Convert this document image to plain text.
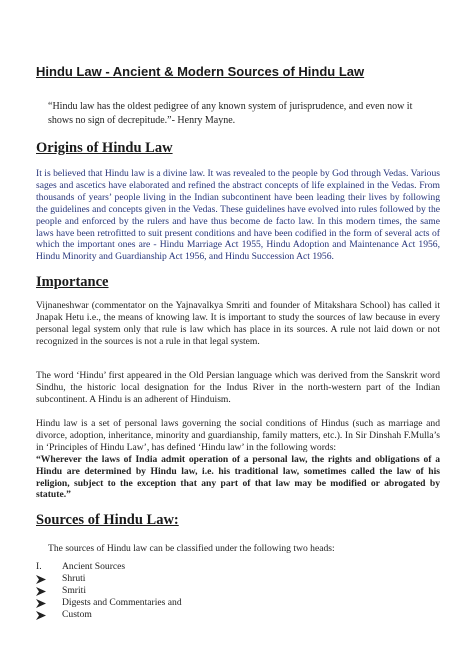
Hindu Law - Ancient & Modern Sources of Hindu Law
“Hindu law has the oldest pedigree of any known system of jurisprudence, and even now it shows no sign of decrepitude.”- Henry Mayne.
Origins of Hindu Law
It is believed that Hindu law is a divine law. It was revealed to the people by God through Vedas. Various sages and ascetics have elaborated and refined the abstract concepts of life explained in the Vedas. From thousands of years’ people living in the Indian subcontinent have been leading their lives by following the guidelines and concepts given in the Vedas. These guidelines have evolved into rules followed by the people and enforced by the rulers and have thus become de facto law. In this modern times, the same laws have been retrofitted to suit present conditions and have been codified in the form of several acts of which the important ones are - Hindu Marriage Act 1955, Hindu Adoption and Maintenance Act 1956, Hindu Minority and Guardianship Act 1956, and Hindu Succession Act 1956.
Importance
Vijnaneshwar (commentator on the Yajnavalkya Smriti and founder of Mitakshara School) has called it Jnapak Hetu i.e., the means of knowing law. It is important to study the sources of law because in every personal legal system only that rule is law which has place in its sources. A rule not laid down or not recognized in the sources is not a rule in that legal system.
The word ‘Hindu’ first appeared in the Old Persian language which was derived from the Sanskrit word Sindhu, the historic local designation for the Indus River in the north-western part of the Indian subcontinent. A Hindu is an adherent of Hinduism.
Hindu law is a set of personal laws governing the social conditions of Hindus (such as marriage and divorce, adoption, inheritance, minority and guardianship, family matters, etc.). In Sir Dinshah F.Mulla’s in ‘Principles of Hindu Law’, has defined ‘Hindu law’ in the following words:
“Wherever the laws of India admit operation of a personal law, the rights and obligations of a Hindu are determined by Hindu law, i.e. his traditional law, sometimes called the law of his religion, subject to the exception that any part of that law may be modified or abrogated by statute.”
Sources of Hindu Law:
The sources of Hindu law can be classified under the following two heads:
I.	Ancient Sources
Shruti
Smriti
Digests and Commentaries and
Custom
